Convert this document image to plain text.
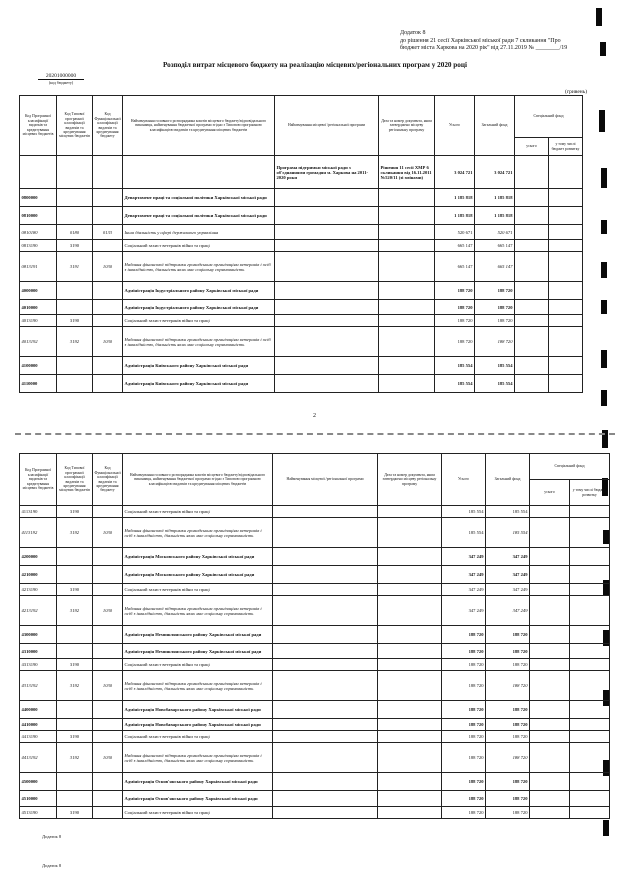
Додаток 8
до рішення 21 сесії Харківської міської ради 7 скликання "Про
бюджет міста Харкова на 2020 рік" від 27.11.2019 № ________/19
20201000000
(код бюджету)
Розподіл витрат місцевого бюджету на реалізацію місцевих/регіональних програм у 2020 році
(гривень)
Код Програмної класифікації видатків та кредитування місцевих бюджетів	Код Типової програмної класифікації видатків та кредитування місцевих бюджетів	Код Функціональної класифікації видатків та кредитування бюджету	Найменування головного розпорядника коштів місцевого бюджету/відповідального виконавця, найменування бюджетної програми згідно з Типовою програмною класифікацією видатків та кредитування місцевих бюджетів	Найменування місцевої /регіональної програми	Дата та номер документа, яким затверджено місцеву регіональну програму	Усього	Загальний фонд	Спеціальний фонд	
								усього	у тому числі бюджет розвитку
				Програма підтримки міської ради з об'єднаннями громадян м. Харкова на 2011-2020 роки	Рішення 11 сесії ХМР 6 скликання від 16.11.2011 №520/11 (зі змінами)	3 024 721	3 024 721		
0800000			Департамент праці та соціальної політики Харківської міської ради			1 185 818	1 185 818		
0810000			Департамент праці та соціальної політики Харківської міської ради			1 185 818	1 185 818		
0810180	0180	0133	Інша діяльність у сфері державного управління			520 671	520 671		
0813190	3190		Соціальний захист ветеранів війни та праці			665 147	665 147		
0813191	3191	1030	Надання фінансової підтримки громадським організаціям ветеранів і осіб з інвалідністю, діяльність яких має соціальну спрямованість			665 147	665 147		
4000000			Адміністрація Індустріального району Харківської міської ради			188 720	188 720		
4010000			Адміністрація Індустріального району Харківської міської ради			188 720	188 720		
4013190	3190		Соціальний захист ветеранів війни та праці			188 720	188 720		
4013192	3192	1030	Надання фінансової підтримки громадським організаціям ветеранів і осіб з інвалідністю, діяльність яких має соціальну спрямованість			188 720	188 720		
4100000			Адміністрація Київського району Харківської міської ради			185 554	185 554		
4110000			Адміністрація Київського району Харківської міської ради			185 554	185 554		
2
Код Програмної класифікації видатків та кредитування місцевих бюджетів	Код Типової програмної класифікації видатків та кредитування місцевих бюджетів	Код Функціональної класифікації видатків та кредитування бюджету	Найменування головного розпорядника коштів місцевого бюджету/відповідального виконавця, найменування бюджетної програми згідно з Типовою програмною класифікацією видатків та кредитування місцевих бюджетів	Найменування місцевої /регіональної програми	Дата та номер документа, яким затверджено місцеву регіональну програму	Усього	Загальний фонд	Спеціальний фонд	
								усього	у тому числі бюджет розвитку
4113190	3190		Соціальний захист ветеранів війни та праці			185 554	185 554		
4113192	3192	1030	Надання фінансової підтримки громадським організаціям ветеранів і осіб з інвалідністю, діяльність яких має соціальну спрямованість			185 554	185 554		
4200000			Адміністрація Московського району Харківської міської ради			347 249	347 249		
4210000			Адміністрація Московського району Харківської міської ради			347 249	347 249		
4213190	3190		Соціальний захист ветеранів війни та праці			347 249	347 249		
4213192	3192	1030	Надання фінансової підтримки громадським організаціям ветеранів і осіб з інвалідністю, діяльність яких має соціальну спрямованість			347 249	347 249		
4300000			Адміністрація Немишлянського району Харківської міської ради			188 720	188 720		
4310000			Адміністрація Немишлянського району Харківської міської ради			188 720	188 720		
4313190	3190		Соціальний захист ветеранів війни та праці			188 720	188 720		
4313192	3192	1030	Надання фінансової підтримки громадським організаціям ветеранів і осіб з інвалідністю, діяльність яких має соціальну спрямованість			188 720	188 720		
4400000			Адміністрація Новобаварського району Харківської міської ради			188 720	188 720		
4410000			Адміністрація Новобаварського району Харківської міської ради			188 720	188 720		
4413190	3190		Соціальний захист ветеранів війни та праці			188 720	188 720		
4413192	3192	1030	Надання фінансової підтримки громадським організаціям ветеранів і осіб з інвалідністю, діяльність яких має соціальну спрямованість			188 720	188 720		
4500000			Адміністрація Основ'янського району Харківської міської ради			188 720	188 720		
4510000			Адміністрація Основ'янського району Харківської міської ради			188 720	188 720		
4513190	3190		Соціальний захист ветеранів війни та праці			188 720	188 720		
Додаток 8
Додаток 8
